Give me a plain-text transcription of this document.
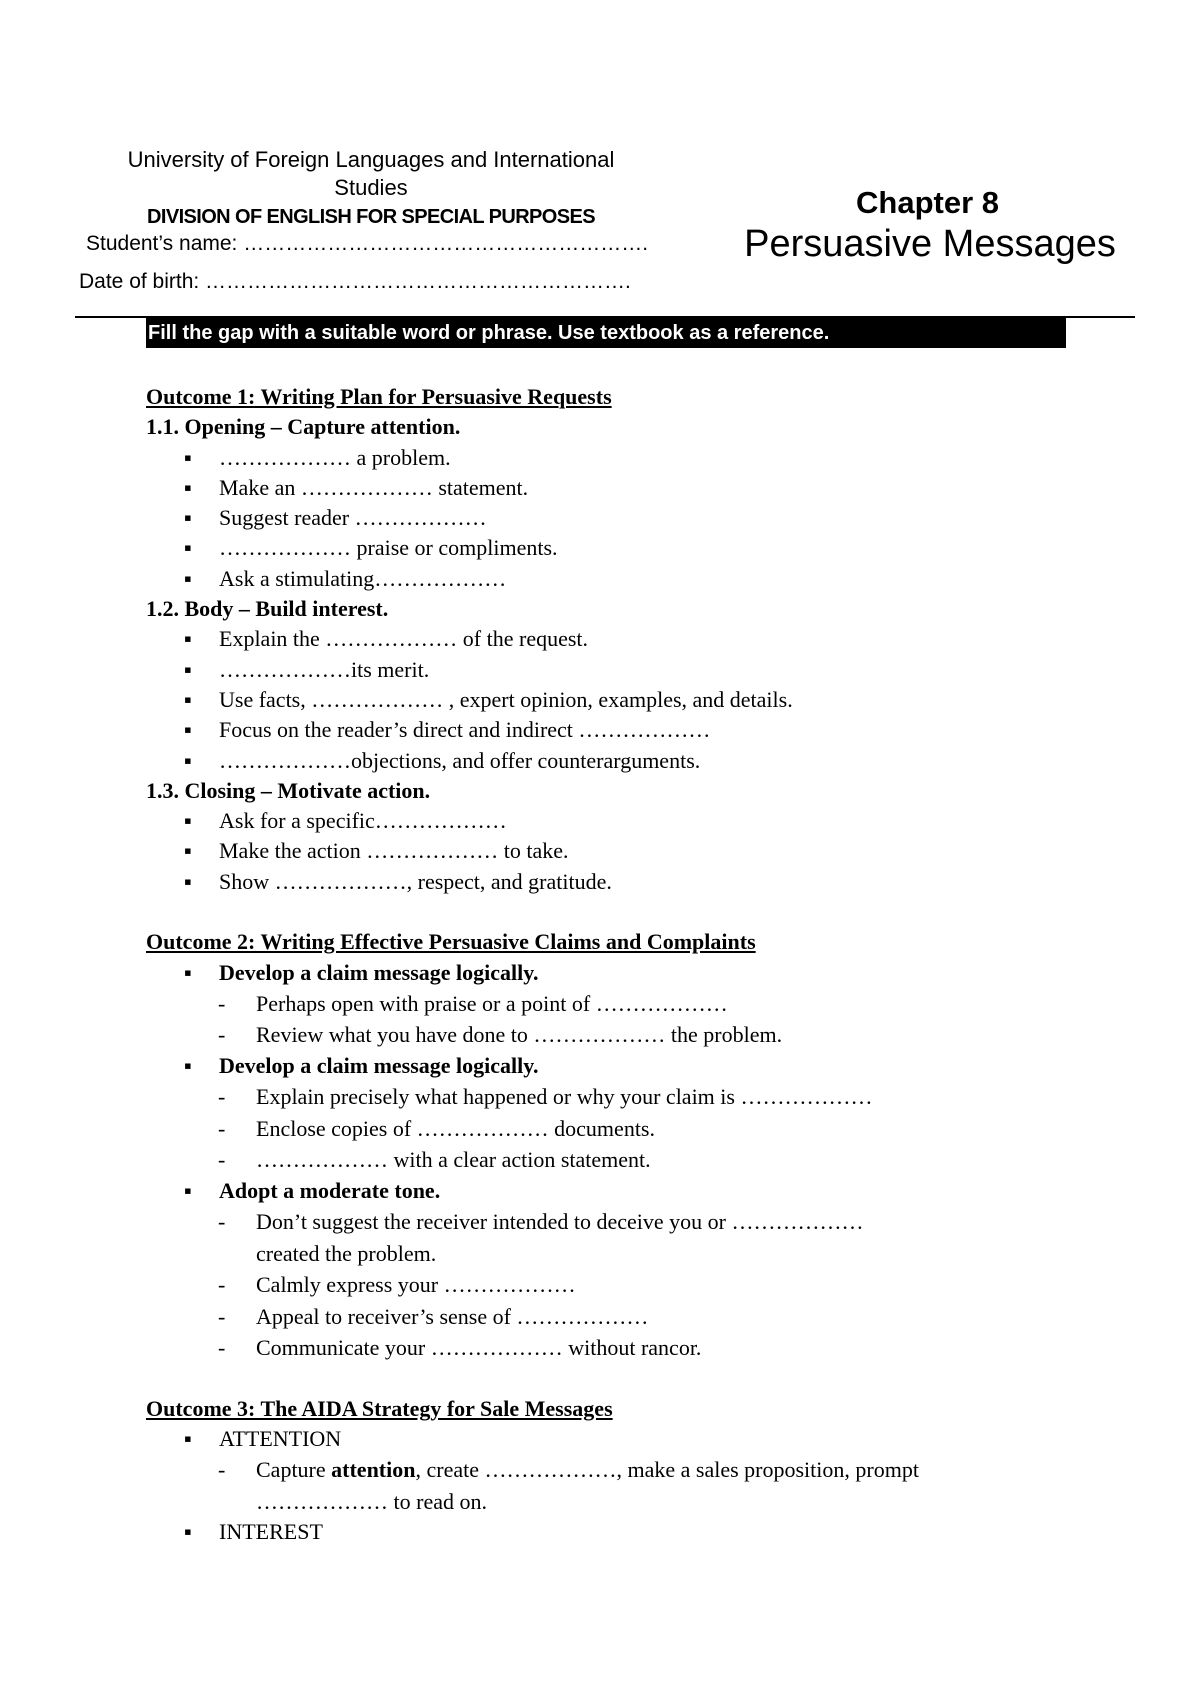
University of Foreign Languages and International
Studies
DIVISION OF ENGLISH FOR SPECIAL PURPOSES
Student’s name: ………………………………………………….
Date of birth: …………………………………………………….
Chapter 8
Persuasive Messages
Fill the gap with a suitable word or phrase. Use textbook as a reference.
Outcome 1: Writing Plan for Persuasive Requests
1.1. Opening – Capture attention.
▪ ……………… a problem.
▪ Make an ……………… statement.
▪ Suggest reader ………………
▪ ……………… praise or compliments.
▪ Ask a stimulating………………
1.2. Body – Build interest.
▪ Explain the ……………… of the request.
▪ ………………its merit.
▪ Use facts, ……………… , expert opinion, examples, and details.
▪ Focus on the reader’s direct and indirect ………………
▪ ………………objections, and offer counterarguments.
1.3. Closing – Motivate action.
▪ Ask for a specific………………
▪ Make the action ……………… to take.
▪ Show ………………, respect, and gratitude.
Outcome 2: Writing Effective Persuasive Claims and Complaints
▪ Develop a claim message logically.
- Perhaps open with praise or a point of ………………
- Review what you have done to ……………… the problem.
▪ Develop a claim message logically.
- Explain precisely what happened or why your claim is ………………
- Enclose copies of ……………… documents.
- ……………… with a clear action statement.
▪ Adopt a moderate tone.
- Don’t suggest the receiver intended to deceive you or ………………
created the problem.
- Calmly express your ………………
- Appeal to receiver’s sense of ………………
- Communicate your ……………… without rancor.
Outcome 3: The AIDA Strategy for Sale Messages
▪ ATTENTION
- Capture attention, create ………………, make a sales proposition, prompt
……………… to read on.
▪ INTEREST
